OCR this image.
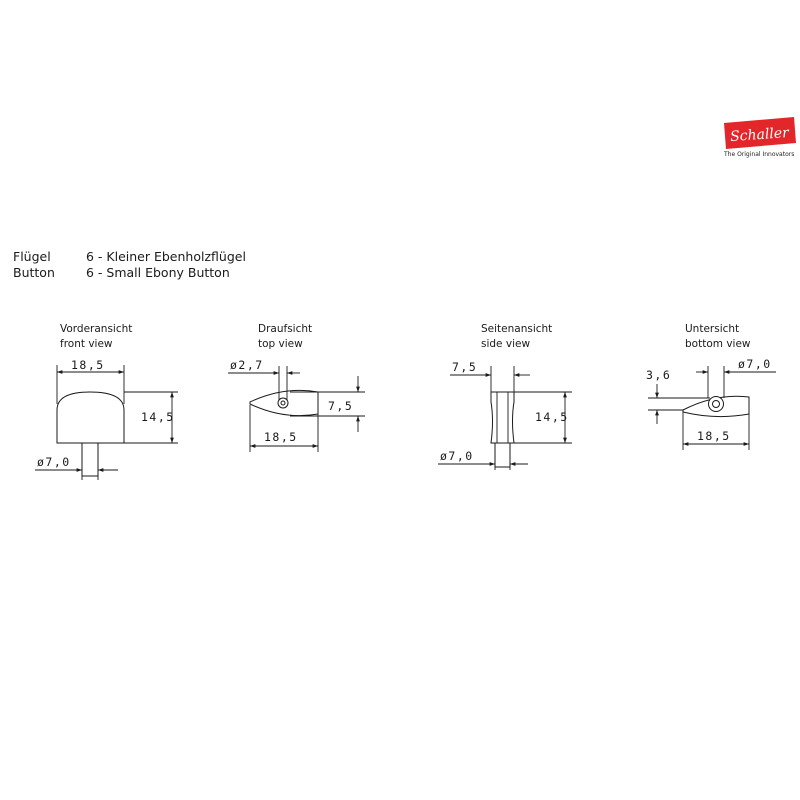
Schaller
The Original Innovators
Flügel	6 - Kleiner Ebenholzflügel
Button 6 - Small Ebony Button
Vorderansicht
front view
Draufsicht
top view
Seitenansicht
side view
Untersicht
bottom view
18,5
14,5
ø7,0
ø2,7
7,5
18,5
7,5
14,5
ø7,0
ø7,0
3,6
18,5
